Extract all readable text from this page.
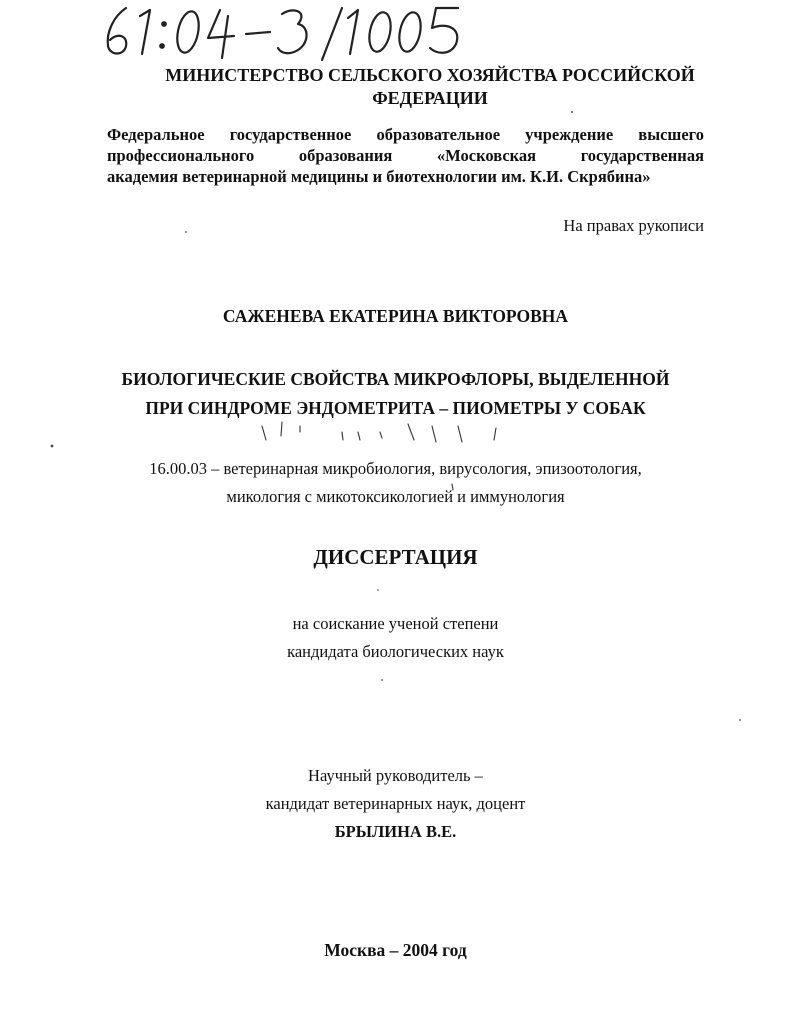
МИНИСТЕРСТВО СЕЛЬСКОГО ХОЗЯЙСТВА РОССИЙСКОЙ
ФЕДЕРАЦИИ
Федеральное государственное образовательное учреждение высшего
профессионального образования «Московская государственная
академия ветеринарной медицины и биотехнологии им. К.И. Скрябина»
На правах рукописи
САЖЕНЕВА ЕКАТЕРИНА ВИКТОРОВНА
БИОЛОГИЧЕСКИЕ СВОЙСТВА МИКРОФЛОРЫ, ВЫДЕЛЕННОЙ
ПРИ СИНДРОМЕ ЭНДОМЕТРИТА – ПИОМЕТРЫ У СОБАК
16.00.03 – ветеринарная микробиология, вирусология, эпизоотология,
микология с микотоксикологией и иммунология
ДИССЕРТАЦИЯ
на соискание ученой степени
кандидата биологических наук
Научный руководитель –
кандидат ветеринарных наук, доцент
БРЫЛИНА В.Е.
Москва – 2004 год
